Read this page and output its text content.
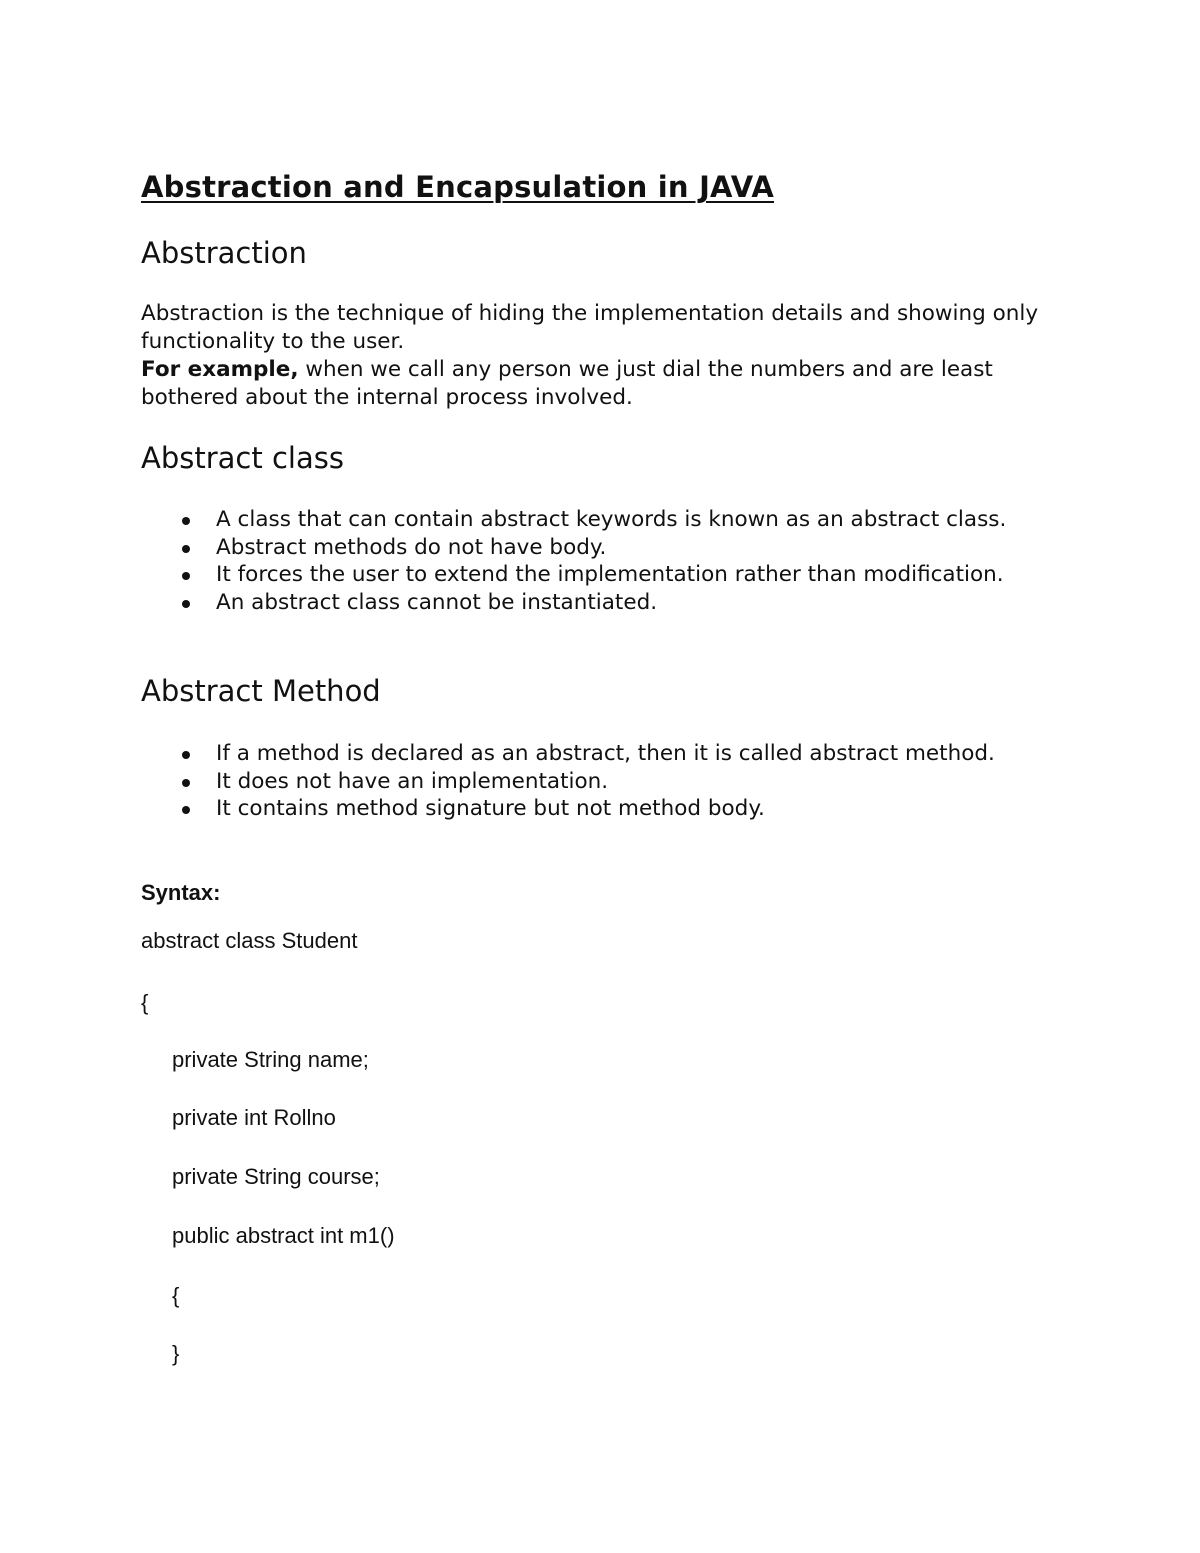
Abstraction and Encapsulation in JAVA
Abstraction
Abstraction is the technique of hiding the implementation details and showing only functionality to the user.
For example, when we call any person we just dial the numbers and are least bothered about the internal process involved.
Abstract class
A class that can contain abstract keywords is known as an abstract class.
Abstract methods do not have body.
It forces the user to extend the implementation rather than modification.
An abstract class cannot be instantiated.
Abstract Method
If a method is declared as an abstract, then it is called abstract method.
It does not have an implementation.
It contains method signature but not method body.
Syntax:
abstract class Student
{
private String name;
private int Rollno
private String course;
public abstract int m1()
{
}
